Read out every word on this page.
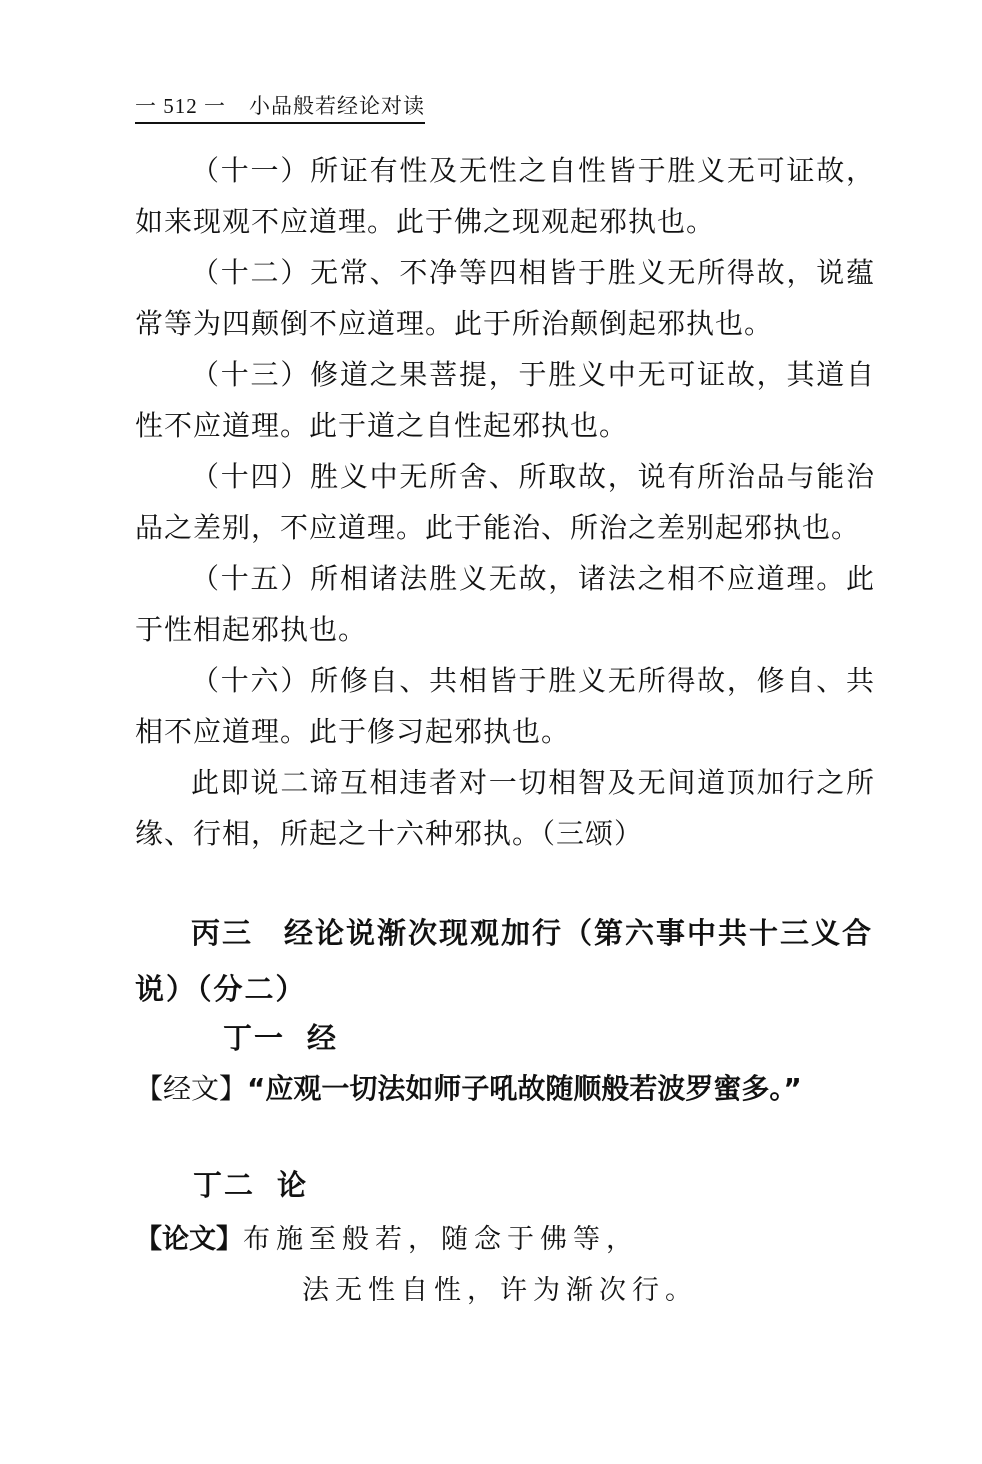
一 512 一 小品般若经论对读

（十一）所证有性及无性之自性皆于胜义无可证故，如来现观不应道理。此于佛之现观起邪执也。

（十二）无常、不净等四相皆于胜义无所得故，说蕴常等为四颠倒不应道理。此于所治颠倒起邪执也。

（十三）修道之果菩提，于胜义中无可证故，其道自性不应道理。此于道之自性起邪执也。

（十四）胜义中无所舍、所取故，说有所治品与能治品之差别，不应道理。此于能治、所治之差别起邪执也。

（十五）所相诸法胜义无故，诸法之相不应道理。此于性相起邪执也。

（十六）所修自、共相皆于胜义无所得故，修自、共相不应道理。此于修习起邪执也。

此即说二谛互相违者对一切相智及无间道顶加行之所缘、行相，所起之十六种邪执。（三颂）

丙三　经论说渐次现观加行（第六事中共十三义合说）（分二）

丁一 经
【经文】“应观一切法如师子吼故随顺般若波罗蜜多。”
丁二 论
【论文】布施至般若，随念于佛等，
法无性自性，许为渐次行。
